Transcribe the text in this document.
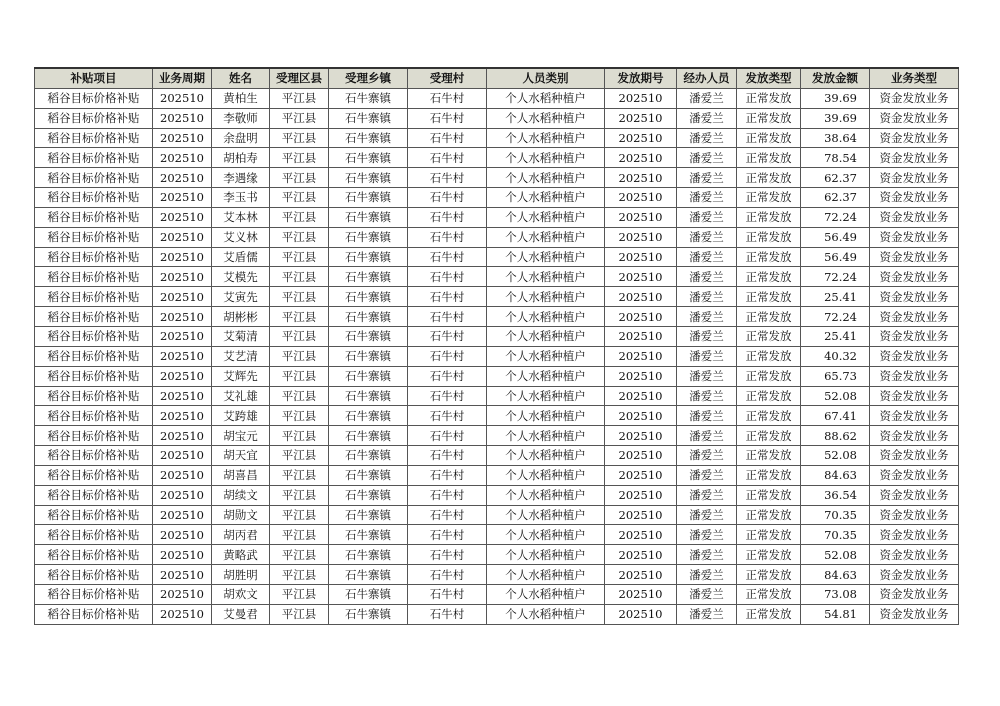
补贴项目	业务周期	姓名	受理区县	受理乡镇	受理村	人员类别	发放期号	经办人员	发放类型	发放金额	业务类型
稻谷目标价格补贴	202510	黄柏生	平江县	石牛寨镇	石牛村	个人水稻种植户	202510	潘爱兰	正常发放	39.69	资金发放业务
稻谷目标价格补贴	202510	李敬师	平江县	石牛寨镇	石牛村	个人水稻种植户	202510	潘爱兰	正常发放	39.69	资金发放业务
稻谷目标价格补贴	202510	余盘明	平江县	石牛寨镇	石牛村	个人水稻种植户	202510	潘爱兰	正常发放	38.64	资金发放业务
稻谷目标价格补贴	202510	胡柏寿	平江县	石牛寨镇	石牛村	个人水稻种植户	202510	潘爱兰	正常发放	78.54	资金发放业务
稻谷目标价格补贴	202510	李遇缘	平江县	石牛寨镇	石牛村	个人水稻种植户	202510	潘爱兰	正常发放	62.37	资金发放业务
稻谷目标价格补贴	202510	李玉书	平江县	石牛寨镇	石牛村	个人水稻种植户	202510	潘爱兰	正常发放	62.37	资金发放业务
稻谷目标价格补贴	202510	艾本林	平江县	石牛寨镇	石牛村	个人水稻种植户	202510	潘爱兰	正常发放	72.24	资金发放业务
稻谷目标价格补贴	202510	艾义林	平江县	石牛寨镇	石牛村	个人水稻种植户	202510	潘爱兰	正常发放	56.49	资金发放业务
稻谷目标价格补贴	202510	艾盾儒	平江县	石牛寨镇	石牛村	个人水稻种植户	202510	潘爱兰	正常发放	56.49	资金发放业务
稻谷目标价格补贴	202510	艾模先	平江县	石牛寨镇	石牛村	个人水稻种植户	202510	潘爱兰	正常发放	72.24	资金发放业务
稻谷目标价格补贴	202510	艾寅先	平江县	石牛寨镇	石牛村	个人水稻种植户	202510	潘爱兰	正常发放	25.41	资金发放业务
稻谷目标价格补贴	202510	胡彬彬	平江县	石牛寨镇	石牛村	个人水稻种植户	202510	潘爱兰	正常发放	72.24	资金发放业务
稻谷目标价格补贴	202510	艾菊清	平江县	石牛寨镇	石牛村	个人水稻种植户	202510	潘爱兰	正常发放	25.41	资金发放业务
稻谷目标价格补贴	202510	艾艺清	平江县	石牛寨镇	石牛村	个人水稻种植户	202510	潘爱兰	正常发放	40.32	资金发放业务
稻谷目标价格补贴	202510	艾辉先	平江县	石牛寨镇	石牛村	个人水稻种植户	202510	潘爱兰	正常发放	65.73	资金发放业务
稻谷目标价格补贴	202510	艾礼雄	平江县	石牛寨镇	石牛村	个人水稻种植户	202510	潘爱兰	正常发放	52.08	资金发放业务
稻谷目标价格补贴	202510	艾跨雄	平江县	石牛寨镇	石牛村	个人水稻种植户	202510	潘爱兰	正常发放	67.41	资金发放业务
稻谷目标价格补贴	202510	胡宝元	平江县	石牛寨镇	石牛村	个人水稻种植户	202510	潘爱兰	正常发放	88.62	资金发放业务
稻谷目标价格补贴	202510	胡天宜	平江县	石牛寨镇	石牛村	个人水稻种植户	202510	潘爱兰	正常发放	52.08	资金发放业务
稻谷目标价格补贴	202510	胡喜昌	平江县	石牛寨镇	石牛村	个人水稻种植户	202510	潘爱兰	正常发放	84.63	资金发放业务
稻谷目标价格补贴	202510	胡续文	平江县	石牛寨镇	石牛村	个人水稻种植户	202510	潘爱兰	正常发放	36.54	资金发放业务
稻谷目标价格补贴	202510	胡勋文	平江县	石牛寨镇	石牛村	个人水稻种植户	202510	潘爱兰	正常发放	70.35	资金发放业务
稻谷目标价格补贴	202510	胡丙君	平江县	石牛寨镇	石牛村	个人水稻种植户	202510	潘爱兰	正常发放	70.35	资金发放业务
稻谷目标价格补贴	202510	黄略武	平江县	石牛寨镇	石牛村	个人水稻种植户	202510	潘爱兰	正常发放	52.08	资金发放业务
稻谷目标价格补贴	202510	胡胜明	平江县	石牛寨镇	石牛村	个人水稻种植户	202510	潘爱兰	正常发放	84.63	资金发放业务
稻谷目标价格补贴	202510	胡欢文	平江县	石牛寨镇	石牛村	个人水稻种植户	202510	潘爱兰	正常发放	73.08	资金发放业务
稻谷目标价格补贴	202510	艾曼君	平江县	石牛寨镇	石牛村	个人水稻种植户	202510	潘爱兰	正常发放	54.81	资金发放业务
